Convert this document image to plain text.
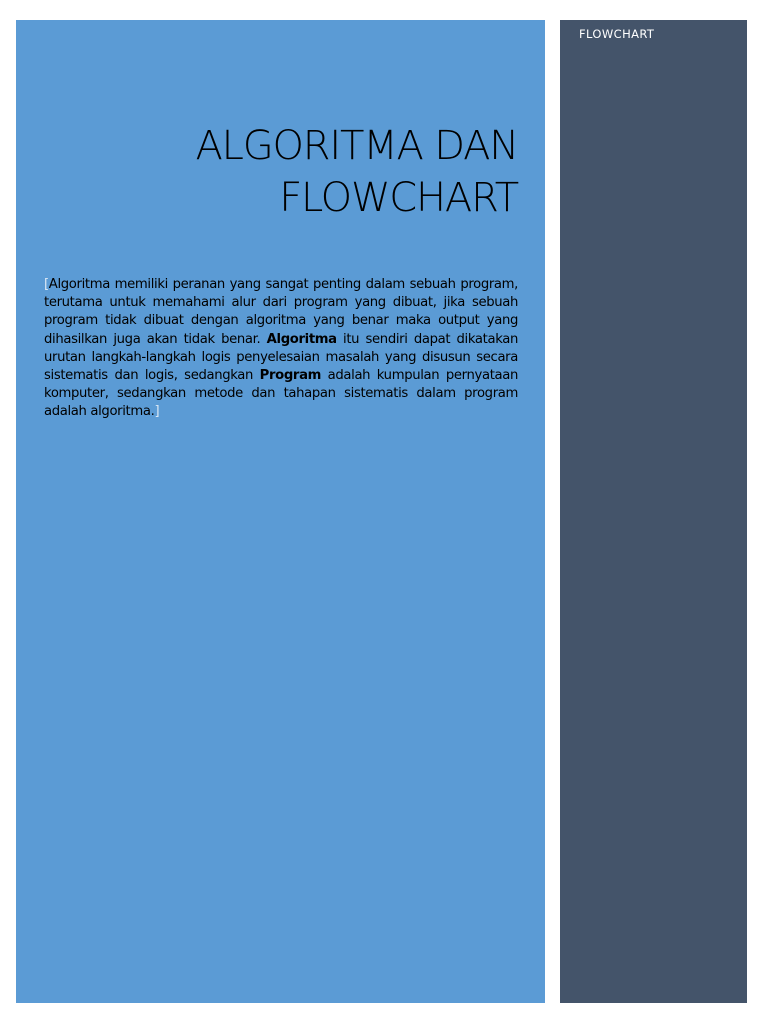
ALGORITMA DAN
FLOWCHART
[Algoritma memiliki peranan yang sangat penting dalam sebuah program, terutama untuk memahami alur dari program yang dibuat, jika sebuah program tidak dibuat dengan algoritma yang benar maka output yang dihasilkan juga akan tidak benar. Algoritma itu sendiri dapat dikatakan urutan langkah-langkah logis penyelesaian masalah yang disusun secara sistematis dan logis, sedangkan Program adalah kumpulan pernyataan komputer, sedangkan metode dan tahapan sistematis dalam program adalah algoritma.]
FLOWCHART
